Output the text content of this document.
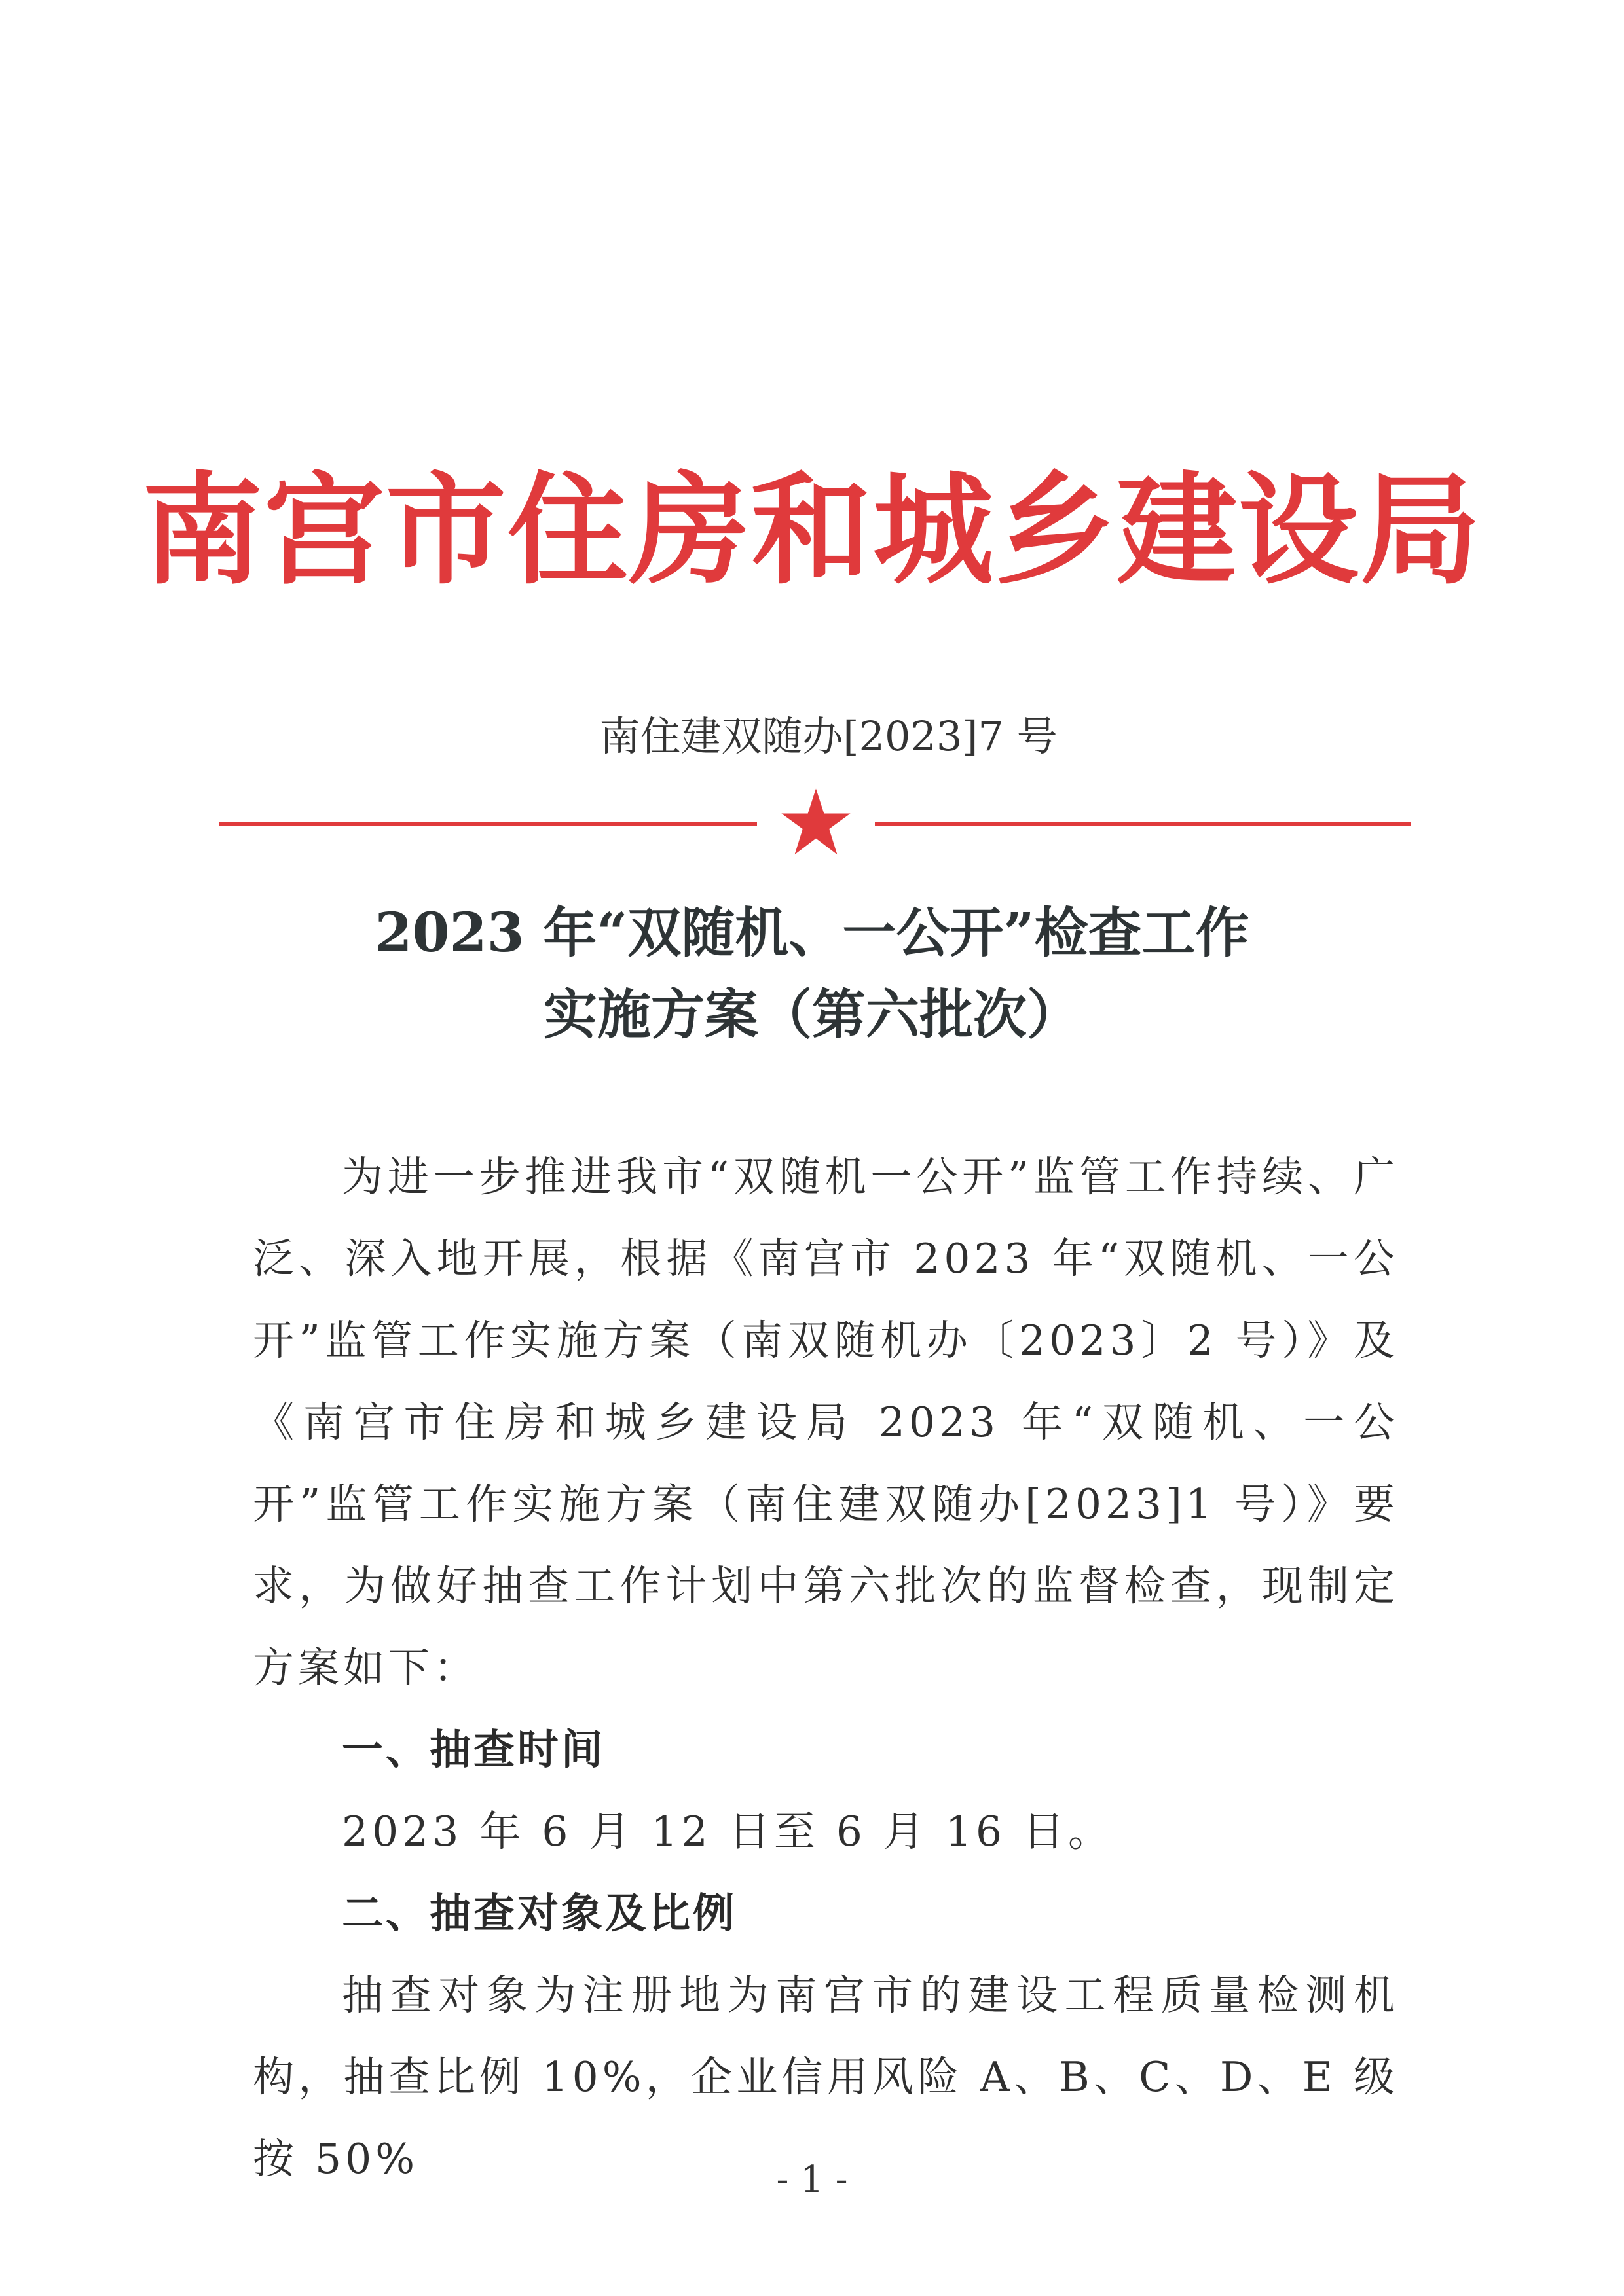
南宫市住房和城乡建设局
南住建双随办[2023]7 号
2023 年“双随机、一公开”检查工作
实施方案（第六批次）

为进一步推进我市“双随机一公开”监管工作持续、广泛、深入地开展，根据《南宫市 2023 年“双随机、一公开”监管工作实施方案（南双随机办〔2023〕2 号）》及《南宫市住房和城乡建设局 2023 年“双随机、一公开”监管工作实施方案（南住建双随办[2023]1 号）》要求，为做好抽查工作计划中第六批次的监督检查，现制定方案如下：

一、抽查时间

2023 年 6 月 12 日至 6 月 16 日。

二、抽查对象及比例

抽查对象为注册地为南宫市的建设工程质量检测机构，抽查比例 10%，企业信用风险 A、B、C、D、E 级按 50%	- 1 -
